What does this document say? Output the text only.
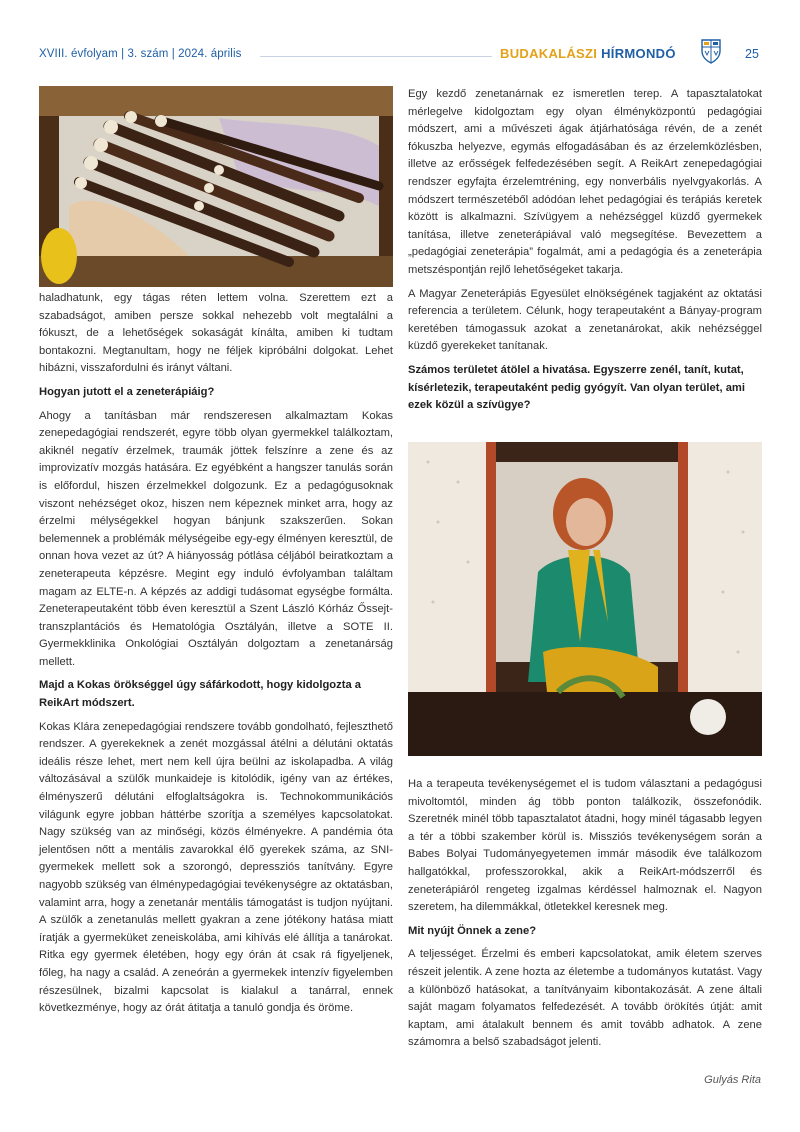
XVIII. évfolyam | 3. szám | 2024. április	BUDAKALÁSZI HÍRMONDÓ	25

haladhatunk, egy tágas réten lettem volna. Szerettem ezt a szabadságot, amiben persze sokkal nehezebb volt megtalálni a fókuszt, de a lehetőségek sokaságát kínálta, amiben ki tudtam bontakozni. Megtanultam, hogy ne féljek kipróbálni dolgokat. Lehet hibázni, visszafordulni és irányt váltani.

Hogyan jutott el a zeneterápiáig?

Ahogy a tanításban már rendszeresen alkalmaztam Kokas zenepedagógiai rendszerét, egyre több olyan gyermekkel találkoztam, akiknél negatív érzelmek, traumák jöttek felszínre a zene és az improvizatív mozgás hatására. Ez egyébként a hangszer tanulás során is előfordul, hiszen érzelmekkel dolgozunk. Ez a pedagógusoknak viszont nehézséget okoz, hiszen nem képeznek minket arra, hogy az érzelmi mélységekkel hogyan bánjunk szakszerűen. Sokan belemennek a problémák mélységeibe egy-egy élményen keresztül, de onnan hova vezet az út? A hiányosság pótlása céljából beiratkoztam a zeneterapeuta képzésre. Megint egy induló évfolyamban találtam magam az ELTE-n. A képzés az addigi tudásomat egységbe formálta. Zeneterapeutaként több éven keresztül a Szent László Kórház Őssejt-transzplantációs és Hematológia Osztályán, illetve a SOTE II. Gyermekklinika Onkológiai Osztályán dolgoztam a zenetanárság mellett.

Majd a Kokas örökséggel úgy sáfárkodott, hogy kidolgozta a ReikArt módszert.

Kokas Klára zenepedagógiai rendszere tovább gondolható, fejleszthető rendszer. A gyerekeknek a zenét mozgással átélni a délutáni oktatás ideális része lehet, mert nem kell újra beülni az iskolapadba. A világ változásával a szülők munkaideje is kitolódik, igény van az értékes, élményszerű délutáni elfoglaltságokra is. Technokommunikációs világunk egyre jobban háttérbe szorítja a személyes kapcsolatokat. Nagy szükség van az minőségi, közös élményekre. A pandémia óta jelentősen nőtt a mentális zavarokkal élő gyerekek száma, az SNI-gyermekek mellett sok a szorongó, depressziós tanítvány. Egyre nagyobb szükség van élménypedagógiai tevékenységre az oktatásban, valamint arra, hogy a zenetanár mentális támogatást is tudjon nyújtani. A szülők a zenetanulás mellett gyakran a zene jótékony hatása miatt íratják a gyermeküket zeneiskolába, ami kihívás elé állítja a tanárokat. Ritka egy gyermek életében, hogy egy órán át csak rá figyeljenek, főleg, ha nagy a család. A zeneórán a gyermekek intenzív figyelemben részesülnek, bizalmi kapcsolat is kialakul a tanárral, ennek következménye, hogy az órát átitatja a tanuló gondja és öröme.

Egy kezdő zenetanárnak ez ismeretlen terep. A tapasztalatokat mérlegelve kidolgoztam egy olyan élményközpontú pedagógiai módszert, ami a művészeti ágak átjárhatósága révén, de a zenét fókuszba helyezve, egymás elfogadásában és az érzelemközlésben, illetve az erősségek felfedezésében segít. A ReikArt zenepedagógiai rendszer egyfajta érzelemtréning, egy nonverbális nyelvgyakorlás. A módszert természetéből adódóan lehet pedagógiai és terápiás keretek között is alkalmazni. Szívügyem a nehézséggel küzdő gyermekek tanítása, illetve zeneterápiával való megsegítése. Bevezettem a „pedagógiai zeneterápia” fogalmát, ami a pedagógia és a zeneterápia metszéspontján rejlő lehetőségeket takarja.

A Magyar Zeneterápiás Egyesület elnökségének tagjaként az oktatási referencia a területem. Célunk, hogy terapeutaként a Bányay-program keretében támogassuk azokat a zenetanárokat, akik nehézséggel küzdő gyerekeket tanítanak.

Számos területet átölel a hivatása. Egyszerre zenél, tanít, kutat, kísérletezik, terapeutaként pedig gyógyít. Van olyan terület, ami ezek közül a szívügye?

Ha a terapeuta tevékenységemet el is tudom választani a pedagógusi mivoltomtól, minden ág több ponton találkozik, összefonódik. Szeretnék minél több tapasztalatot átadni, hogy minél tágasabb legyen a tér a többi szakember körül is. Missziós tevékenységem során a Babes Bolyai Tudományegyetemen immár második éve találkozom hallgatókkal, professzorokkal, akik a ReikArt-módszerről és zeneterápiáról rengeteg izgalmas kérdéssel halmoznak el. Nagyon szeretem, ha dilemmákkal, ötletekkel keresnek meg.

Mit nyújt Önnek a zene?

A teljességet. Érzelmi és emberi kapcsolatokat, amik életem szerves részeit jelentik. A zene hozta az életembe a tudományos kutatást. Vagy a különböző hatásokat, a tanítványaim kibontakozását. A zene általi saját magam folyamatos felfedezését. A tovább örökítés útját: amit kaptam, ami átalakult bennem és amit tovább adhatok. A zene számomra a belső szabadságot jelenti.

Gulyás Rita
